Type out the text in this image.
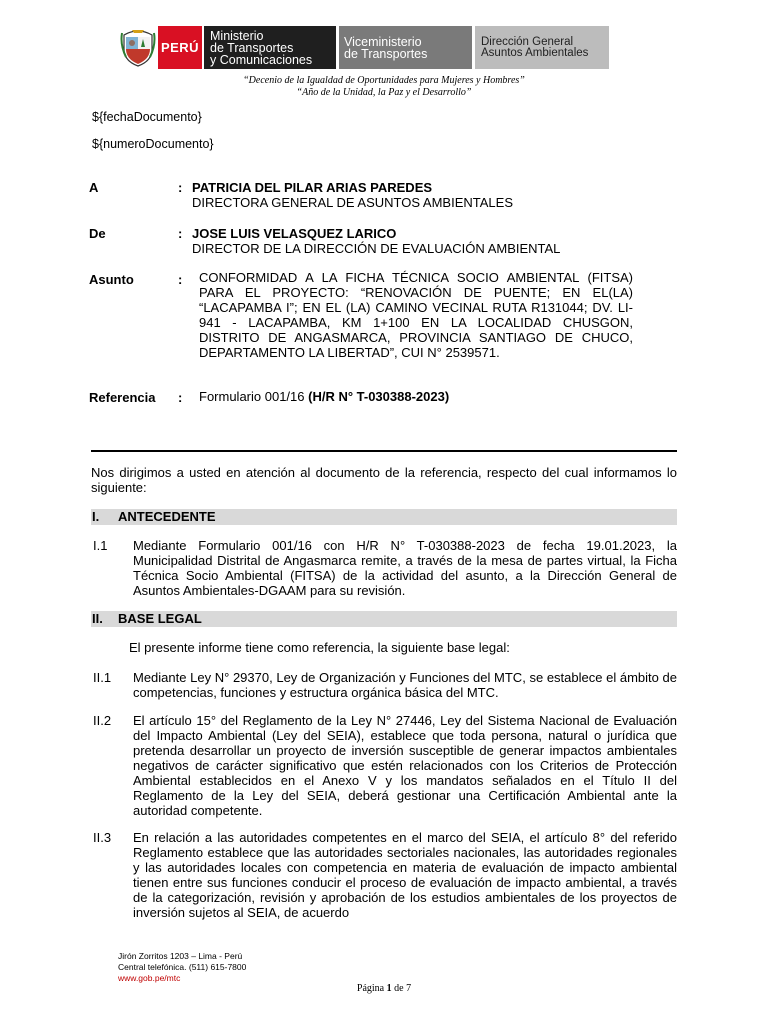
PERÚ
Ministerio
de Transportes
y Comunicaciones
Viceministerio
de Transportes
Dirección General
Asuntos Ambientales
“Decenio de la Igualdad de Oportunidades para Mujeres y Hombres”
“Año de la Unidad, la Paz y el Desarrollo”
${fechaDocumento}
${numeroDocumento}
A	: PATRICIA DEL PILAR ARIAS PAREDES
DIRECTORA GENERAL DE ASUNTOS AMBIENTALES
De	: JOSE LUIS VELASQUEZ LARICO
DIRECTOR DE LA DIRECCIÓN DE EVALUACIÓN AMBIENTAL
Asunto	: CONFORMIDAD A LA FICHA TÉCNICA SOCIO AMBIENTAL (FITSA) PARA EL PROYECTO: “RENOVACIÓN DE PUENTE; EN EL(LA) “LACAPAMBA I”; EN EL (LA) CAMINO VECINAL RUTA R131044; DV. LI-941 - LACAPAMBA, KM 1+100 EN LA LOCALIDAD CHUSGON, DISTRITO DE ANGASMARCA, PROVINCIA SANTIAGO DE CHUCO, DEPARTAMENTO LA LIBERTAD”, CUI N° 2539571.

Referencia : Formulario 001/16 (H/R N° T-030388-2023)
Nos dirigimos a usted en atención al documento de la referencia, respecto del cual informamos lo siguiente:
I. ANTECEDENTE
I.1 Mediante Formulario 001/16 con H/R N° T-030388-2023 de fecha 19.01.2023, la Municipalidad Distrital de Angasmarca remite, a través de la mesa de partes virtual, la Ficha Técnica Socio Ambiental (FITSA) de la actividad del asunto, a la Dirección General de Asuntos Ambientales-DGAAM para su revisión.
II. BASE LEGAL
El presente informe tiene como referencia, la siguiente base legal:
II.1 Mediante Ley N° 29370, Ley de Organización y Funciones del MTC, se establece el ámbito de competencias, funciones y estructura orgánica básica del MTC.
II.2 El artículo 15° del Reglamento de la Ley N° 27446, Ley del Sistema Nacional de Evaluación del Impacto Ambiental (Ley del SEIA), establece que toda persona, natural o jurídica que pretenda desarrollar un proyecto de inversión susceptible de generar impactos ambientales negativos de carácter significativo que estén relacionados con los Criterios de Protección Ambiental establecidos en el Anexo V y los mandatos señalados en el Título II del Reglamento de la Ley del SEIA, deberá gestionar una Certificación Ambiental ante la autoridad competente.
II.3 En relación a las autoridades competentes en el marco del SEIA, el artículo 8° del referido Reglamento establece que las autoridades sectoriales nacionales, las autoridades regionales y las autoridades locales con competencia en materia de evaluación de impacto ambiental tienen entre sus funciones conducir el proceso de evaluación de impacto ambiental, a través de la categorización, revisión y aprobación de los estudios ambientales de los proyectos de inversión sujetos al SEIA, de acuerdo
Jirón Zorritos 1203 – Lima - Perú
Central telefónica. (511) 615-7800
www.gob.pe/mtc
Página 1 de 7
